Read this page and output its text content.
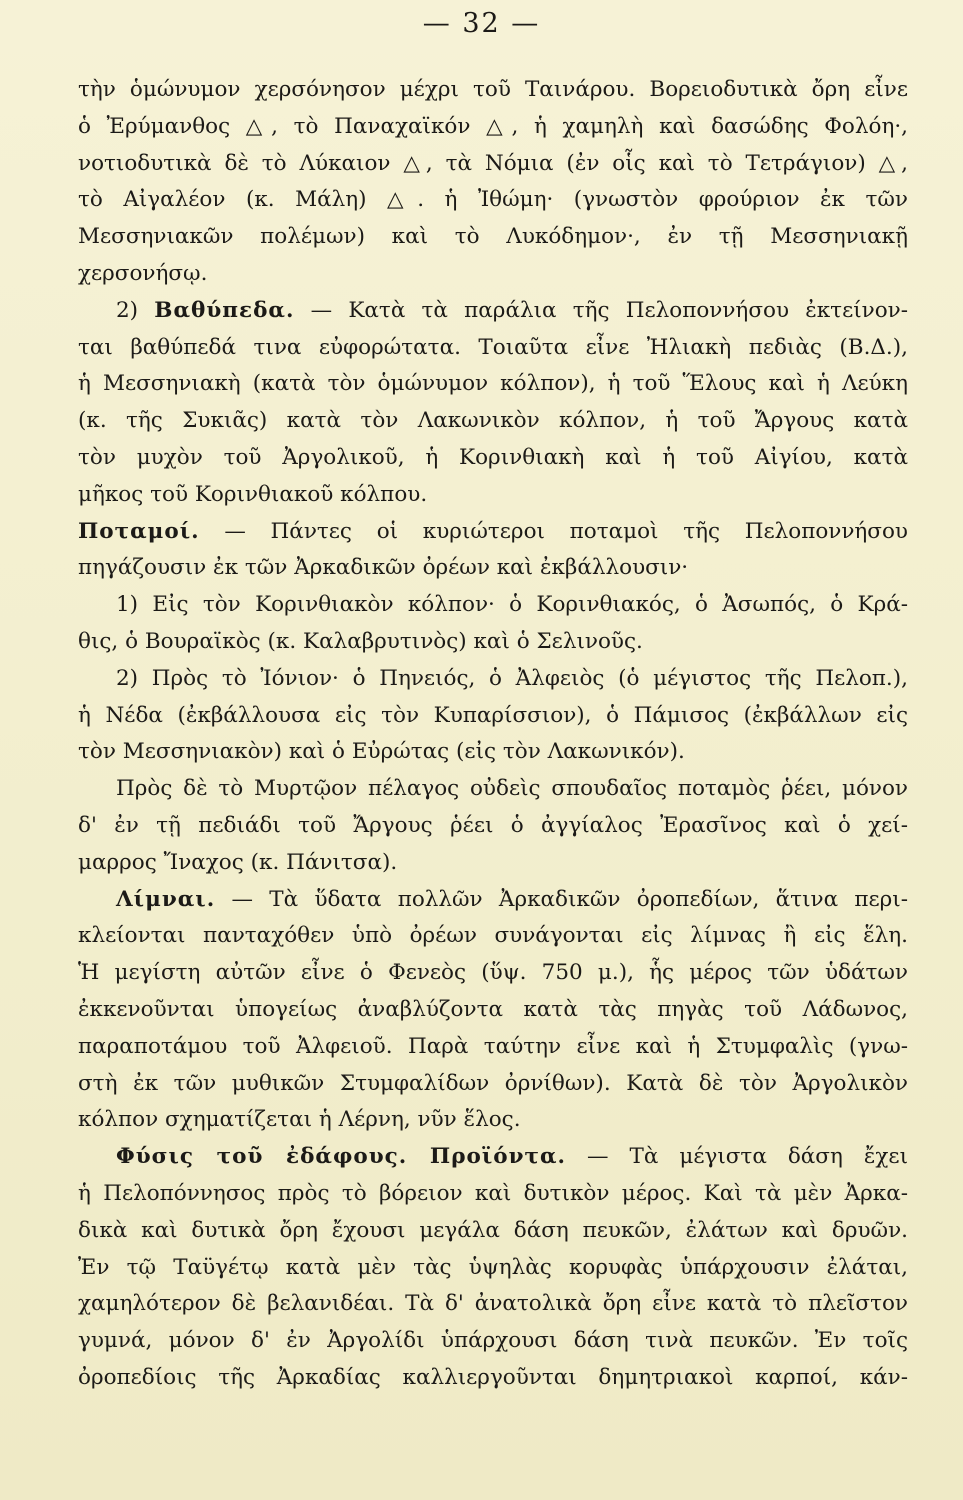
— 32 —
τὴν ὁμώνυμον χερσόνησον μέχρι τοῦ Ταινάρου. Βορειοδυτικὰ ὄρη εἶνε
ὁ Ἐρύμανθος △, τὸ Παναχαϊκόν △, ἡ χαμηλὴ καὶ δασώδης Φολόη·,
νοτιοδυτικὰ δὲ τὸ Λύκαιον △, τὰ Νόμια (ἐν οἷς καὶ τὸ Τετράγιον) △,
τὸ Αἰγαλέον (κ. Μάλη) △. ἡ Ἰθώμη· (γνωστὸν φρούριον ἐκ τῶν
Μεσσηνιακῶν πολέμων) καὶ τὸ Λυκόδημον·, ἐν τῇ Μεσσηνιακῇ
χερσονήσῳ.
2) Βαθύπεδα. — Κατὰ τὰ παράλια τῆς Πελοποννήσου ἐκτείνον-
ται βαθύπεδά τινα εὐφορώτατα. Τοιαῦτα εἶνε Ἠλιακὴ πεδιὰς (Β.Δ.),
ἡ Μεσσηνιακὴ (κατὰ τὸν ὁμώνυμον κόλπον), ἡ τοῦ Ἕλους καὶ ἡ Λεύκη
(κ. τῆς Συκιᾶς) κατὰ τὸν Λακωνικὸν κόλπον, ἡ τοῦ Ἄργους κατὰ
τὸν μυχὸν τοῦ Ἀργολικοῦ, ἡ Κορινθιακὴ καὶ ἡ τοῦ Αἰγίου, κατὰ
μῆκος τοῦ Κορινθιακοῦ κόλπου.
Ποταμοί. — Πάντες οἱ κυριώτεροι ποταμοὶ τῆς Πελοποννήσου
πηγάζουσιν ἐκ τῶν Ἀρκαδικῶν ὀρέων καὶ ἐκβάλλουσιν·
1) Εἰς τὸν Κορινθιακὸν κόλπον· ὁ Κορινθιακός, ὁ Ἀσωπός, ὁ Κρά-
θις, ὁ Βουραϊκὸς (κ. Καλαβρυτινὸς) καὶ ὁ Σελινοῦς.
2) Πρὸς τὸ Ἰόνιον· ὁ Πηνειός, ὁ Ἀλφειὸς (ὁ μέγιστος τῆς Πελοπ.),
ἡ Νέδα (ἐκβάλλουσα εἰς τὸν Κυπαρίσσιον), ὁ Πάμισος (ἐκβάλλων εἰς
τὸν Μεσσηνιακὸν) καὶ ὁ Εὐρώτας (εἰς τὸν Λακωνικόν).
Πρὸς δὲ τὸ Μυρτῷον πέλαγος οὐδεὶς σπουδαῖος ποταμὸς ῥέει, μόνον
δ' ἐν τῇ πεδιάδι τοῦ Ἄργους ῥέει ὁ ἀγγίαλος Ἐρασῖνος καὶ ὁ χεί-
μαρρος Ἴναχος (κ. Πάνιτσα).
Λίμναι. — Τὰ ὕδατα πολλῶν Ἀρκαδικῶν ὀροπεδίων, ἅτινα περι-
κλείονται πανταχόθεν ὑπὸ ὀρέων συνάγονται εἰς λίμνας ἢ εἰς ἕλη.
Ἡ μεγίστη αὐτῶν εἶνε ὁ Φενεὸς (ὕψ. 750 μ.), ἧς μέρος τῶν ὑδάτων
ἐκκενοῦνται ὑπογείως ἀναβλύζοντα κατὰ τὰς πηγὰς τοῦ Λάδωνος,
παραποτάμου τοῦ Ἀλφειοῦ. Παρὰ ταύτην εἶνε καὶ ἡ Στυμφαλὶς (γνω-
στὴ ἐκ τῶν μυθικῶν Στυμφαλίδων ὀρνίθων). Κατὰ δὲ τὸν Ἀργολικὸν
κόλπον σχηματίζεται ἡ Λέρνη, νῦν ἕλος.
Φύσις τοῦ ἐδάφους. Προϊόντα. — Τὰ μέγιστα δάση ἔχει
ἡ Πελοπόννησος πρὸς τὸ βόρειον καὶ δυτικὸν μέρος. Καὶ τὰ μὲν Ἀρκα-
δικὰ καὶ δυτικὰ ὄρη ἔχουσι μεγάλα δάση πευκῶν, ἐλάτων καὶ δρυῶν.
Ἐν τῷ Ταϋγέτῳ κατὰ μὲν τὰς ὑψηλὰς κορυφὰς ὑπάρχουσιν ἐλάται,
χαμηλότερον δὲ βελανιδέαι. Τὰ δ' ἀνατολικὰ ὄρη εἶνε κατὰ τὸ πλεῖστον
γυμνά, μόνον δ' ἐν Ἀργολίδι ὑπάρχουσι δάση τινὰ πευκῶν. Ἐν τοῖς
ὀροπεδίοις τῆς Ἀρκαδίας καλλιεργοῦνται δημητριακοὶ καρποί, κάν-
